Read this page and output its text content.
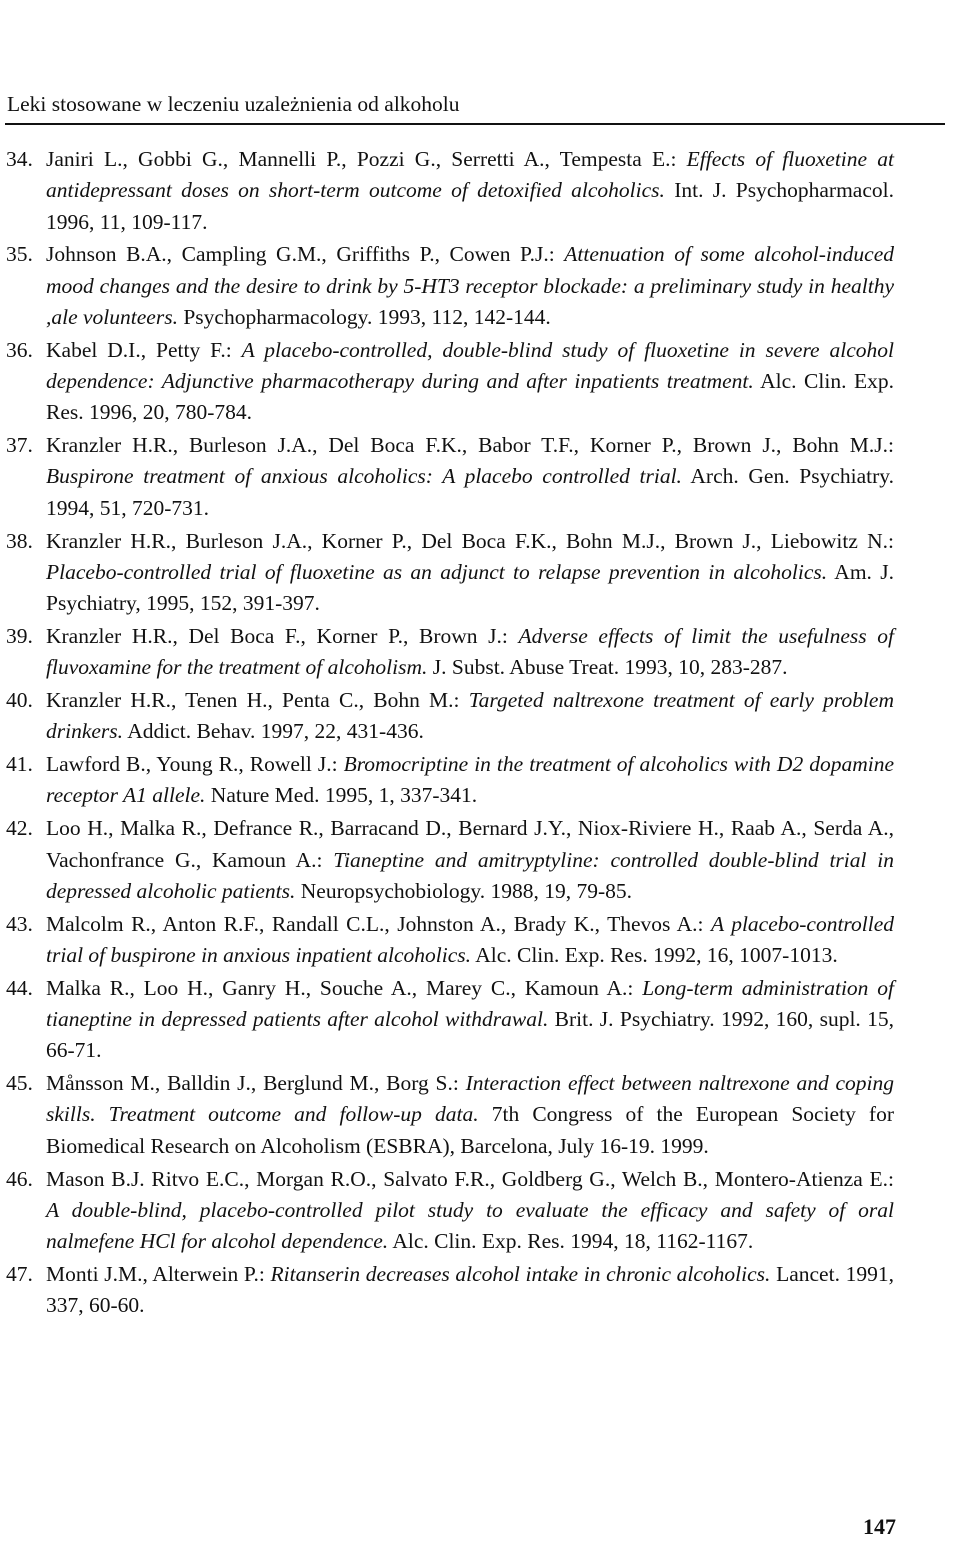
Leki stosowane w leczeniu uzależnienia od alkoholu
34. Janiri L., Gobbi G., Mannelli P., Pozzi G., Serretti A., Tempesta E.: Effects of fluoxetine at antidepressant doses on short-term outcome of detoxified alcoholics. Int. J. Psychopharmacol. 1996, 11, 109-117.
35. Johnson B.A., Campling G.M., Griffiths P., Cowen P.J.: Attenuation of some alcohol-induced mood changes and the desire to drink by 5-HT3 receptor blockade: a preliminary study in healthy ,ale volunteers. Psychopharmacology. 1993, 112, 142-144.
36. Kabel D.I., Petty F.: A placebo-controlled, double-blind study of fluoxetine in severe alcohol dependence: Adjunctive pharmacotherapy during and after inpatients treatment. Alc. Clin. Exp. Res. 1996, 20, 780-784.
37. Kranzler H.R., Burleson J.A., Del Boca F.K., Babor T.F., Korner P., Brown J., Bohn M.J.: Buspirone treatment of anxious alcoholics: A placebo controlled trial. Arch. Gen. Psychiatry. 1994, 51, 720-731.
38. Kranzler H.R., Burleson J.A., Korner P., Del Boca F.K., Bohn M.J., Brown J., Liebowitz N.: Placebo-controlled trial of fluoxetine as an adjunct to relapse prevention in alcoholics. Am. J. Psychiatry, 1995, 152, 391-397.
39. Kranzler H.R., Del Boca F., Korner P., Brown J.: Adverse effects of limit the usefulness of fluvoxamine for the treatment of alcoholism. J. Subst. Abuse Treat. 1993, 10, 283-287.
40. Kranzler H.R., Tenen H., Penta C., Bohn M.: Targeted naltrexone treatment of early problem drinkers. Addict. Behav. 1997, 22, 431-436.
41. Lawford B., Young R., Rowell J.: Bromocriptine in the treatment of alcoholics with D2 dopamine receptor A1 allele. Nature Med. 1995, 1, 337-341.
42. Loo H., Malka R., Defrance R., Barracand D., Bernard J.Y., Niox-Riviere H., Raab A., Serda A., Vachonfrance G., Kamoun A.: Tianeptine and amitryptyline: controlled double-blind trial in depressed alcoholic patients. Neuropsychobiology. 1988, 19, 79-85.
43. Malcolm R., Anton R.F., Randall C.L., Johnston A., Brady K., Thevos A.: A placebo-controlled trial of buspirone in anxious inpatient alcoholics. Alc. Clin. Exp. Res. 1992, 16, 1007-1013.
44. Malka R., Loo H., Ganry H., Souche A., Marey C., Kamoun A.: Long-term administration of tianeptine in depressed patients after alcohol withdrawal. Brit. J. Psychiatry. 1992, 160, supl. 15, 66-71.
45. Månsson M., Balldin J., Berglund M., Borg S.: Interaction effect between naltrexone and coping skills. Treatment outcome and follow-up data. 7th Congress of the European Society for Biomedical Research on Alcoholism (ESBRA), Barcelona, July 16-19. 1999.
46. Mason B.J. Ritvo E.C., Morgan R.O., Salvato F.R., Goldberg G., Welch B., Montero-Atienza E.: A double-blind, placebo-controlled pilot study to evaluate the efficacy and safety of oral nalmefene HCl for alcohol dependence. Alc. Clin. Exp. Res. 1994, 18, 1162-1167.
47. Monti J.M., Alterwein P.: Ritanserin decreases alcohol intake in chronic alcoholics. Lancet. 1991, 337, 60-60.
147
